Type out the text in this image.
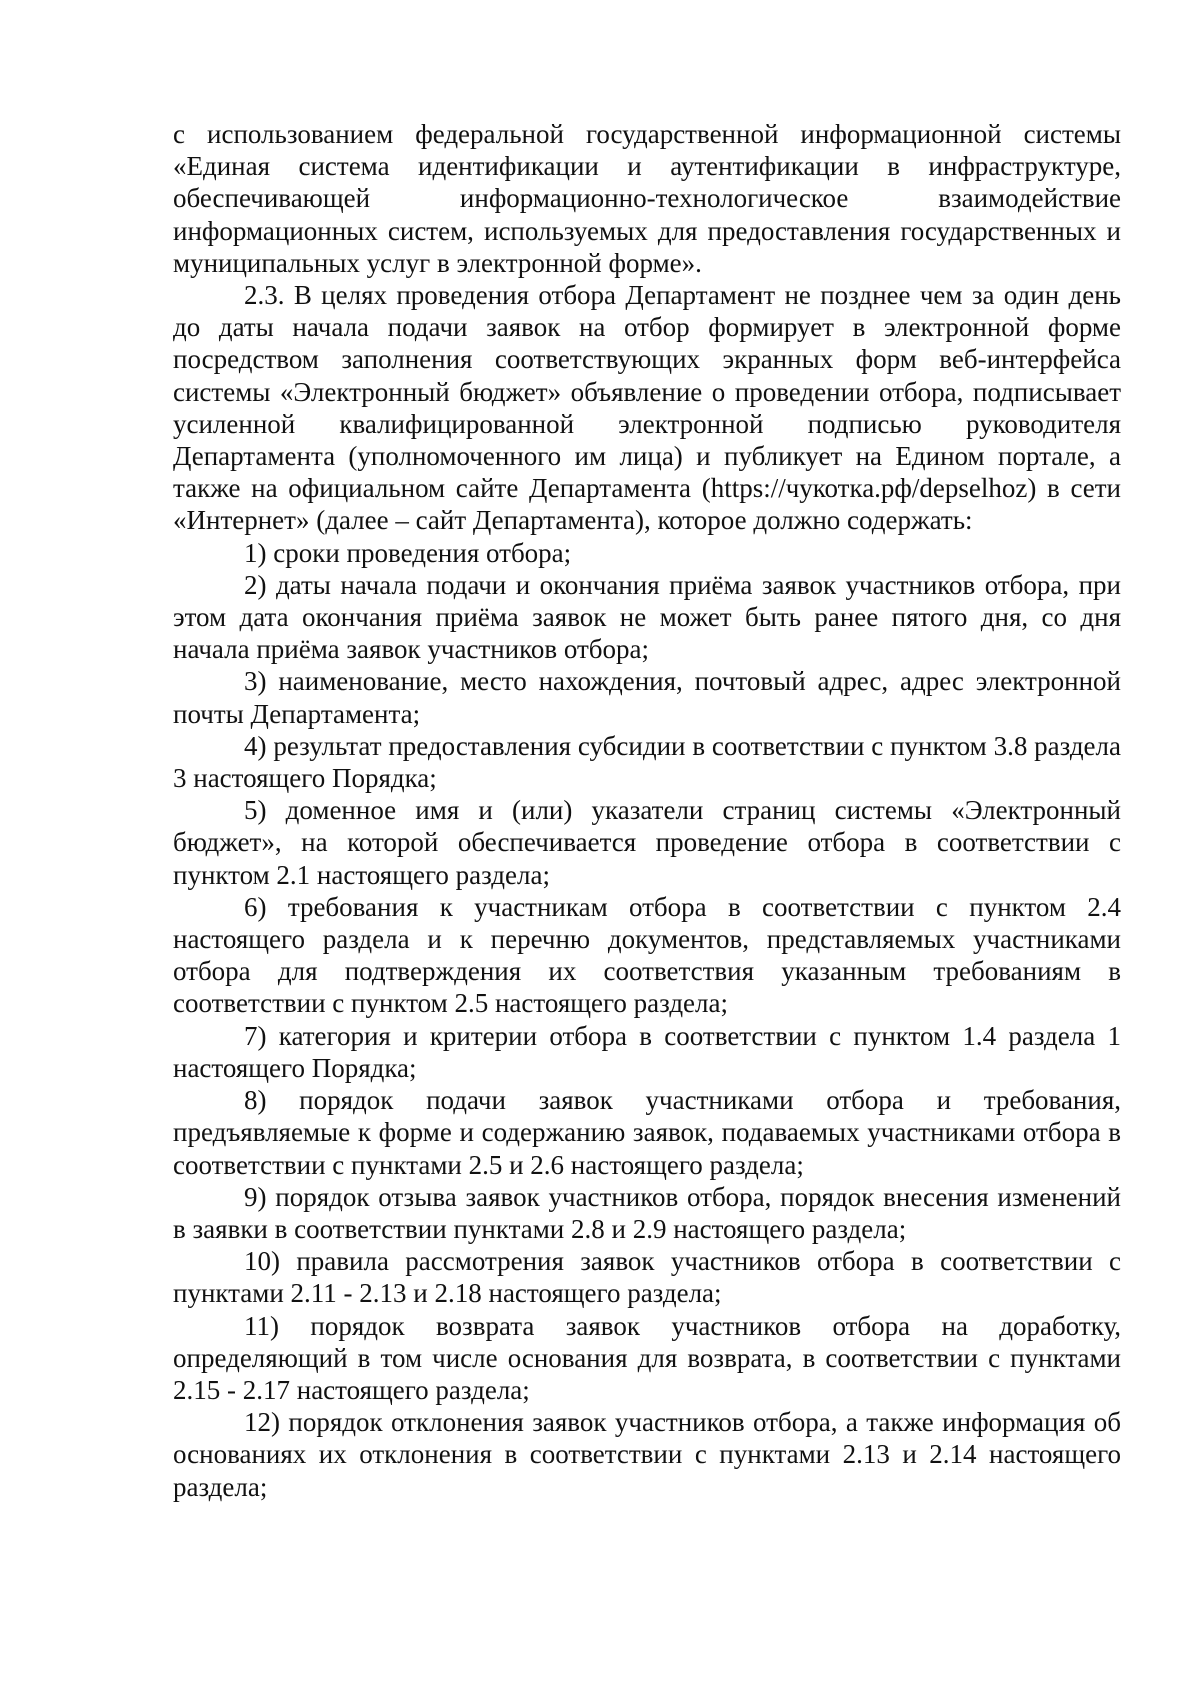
с использованием федеральной государственной информационной системы «Единая система идентификации и аутентификации в инфраструктуре, обеспечивающей информационно-технологическое взаимодействие информационных систем, используемых для предоставления государственных и муниципальных услуг в электронной форме».

2.3. В целях проведения отбора Департамент не позднее чем за один день до даты начала подачи заявок на отбор формирует в электронной форме посредством заполнения соответствующих экранных форм веб-интерфейса системы «Электронный бюджет» объявление о проведении отбора, подписывает усиленной квалифицированной электронной подписью руководителя Департамента (уполномоченного им лица) и публикует на Едином портале, а также на официальном сайте Департамента (https://чукотка.рф/depselhoz) в сети «Интернет» (далее – сайт Департамента), которое должно содержать:

1) сроки проведения отбора;

2) даты начала подачи и окончания приёма заявок участников отбора, при этом дата окончания приёма заявок не может быть ранее пятого дня, со дня начала приёма заявок участников отбора;

3) наименование, место нахождения, почтовый адрес, адрес электронной почты Департамента;

4) результат предоставления субсидии в соответствии с пунктом 3.8 раздела 3 настоящего Порядка;

5) доменное имя и (или) указатели страниц системы «Электронный бюджет», на которой обеспечивается проведение отбора в соответствии с пунктом 2.1 настоящего раздела;

6) требования к участникам отбора в соответствии с пунктом 2.4 настоящего раздела и к перечню документов, представляемых участниками отбора для подтверждения их соответствия указанным требованиям в соответствии с пунктом 2.5 настоящего раздела;

7) категория и критерии отбора в соответствии с пунктом 1.4 раздела 1 настоящего Порядка;

8) порядок подачи заявок участниками отбора и требования, предъявляемые к форме и содержанию заявок, подаваемых участниками отбора в соответствии с пунктами 2.5 и 2.6 настоящего раздела;

9) порядок отзыва заявок участников отбора, порядок внесения изменений в заявки в соответствии пунктами 2.8 и 2.9 настоящего раздела;

10) правила рассмотрения заявок участников отбора в соответствии с пунктами 2.11 - 2.13 и 2.18 настоящего раздела;

11) порядок возврата заявок участников отбора на доработку, определяющий в том числе основания для возврата, в соответствии с пунктами 2.15 - 2.17 настоящего раздела;

12) порядок отклонения заявок участников отбора, а также информация об основаниях их отклонения в соответствии с пунктами 2.13 и 2.14 настоящего раздела;
